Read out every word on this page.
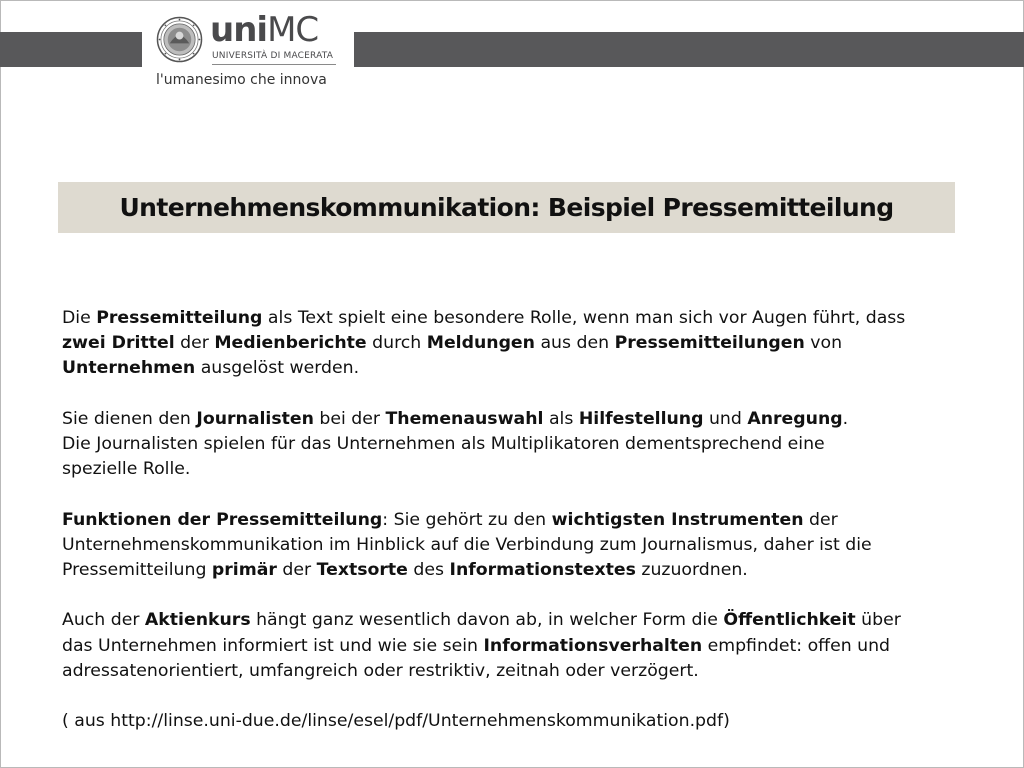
uniMC
UNIVERSITÀ DI MACERATA
l'umanesimo che innova
Unternehmenskommunikation: Beispiel Pressemitteilung
Die Pressemitteilung als Text spielt eine besondere Rolle, wenn man sich vor Augen führt, dass
zwei Drittel der Medienberichte durch Meldungen aus den Pressemitteilungen von
Unternehmen ausgelöst werden.
Sie dienen den Journalisten bei der Themenauswahl als Hilfestellung und Anregung.
Die Journalisten spielen für das Unternehmen als Multiplikatoren dementsprechend eine
spezielle Rolle.
Funktionen der Pressemitteilung: Sie gehört zu den wichtigsten Instrumenten der
Unternehmenskommunikation im Hinblick auf die Verbindung zum Journalismus, daher ist die
Pressemitteilung primär der Textsorte des Informationstextes zuzuordnen.
Auch der Aktienkurs hängt ganz wesentlich davon ab, in welcher Form die Öffentlichkeit über
das Unternehmen informiert ist und wie sie sein Informationsverhalten empfindet: offen und
adressatenorientiert, umfangreich oder restriktiv, zeitnah oder verzögert.
( aus http://linse.uni-due.de/linse/esel/pdf/Unternehmenskommunikation.pdf)
